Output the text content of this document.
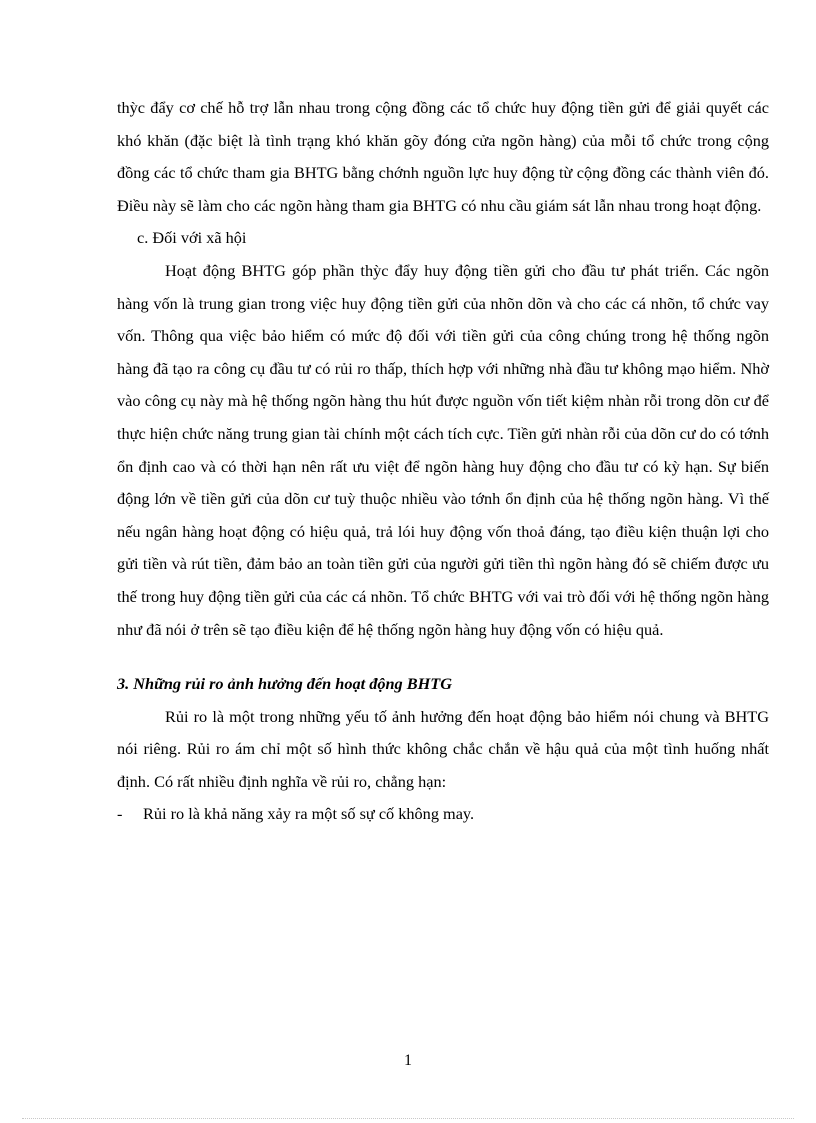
thỳc đẩy cơ chế hỗ trợ lẫn nhau trong cộng đồng các tổ chức huy động tiền gửi để giải quyết các khó khăn (đặc biệt là tình trạng khó khăn gõy đóng cửa ngõn hàng) của mỗi tổ chức trong cộng đồng các tổ chức tham gia BHTG bằng chớnh nguồn lực huy động từ cộng đồng các thành viên đó. Điều này sẽ làm cho các ngõn hàng tham gia BHTG có nhu cầu giám sát lẫn nhau trong hoạt động.

c. Đối với xã hội

Hoạt động BHTG góp phần thỳc đẩy huy động tiền gửi cho đầu tư phát triển. Các ngõn hàng vốn là trung gian trong việc huy động tiền gửi của nhõn dõn và cho các cá nhõn, tổ chức vay vốn. Thông qua việc bảo hiểm có mức độ đối với tiền gửi của công chúng trong hệ thống ngõn hàng đã tạo ra công cụ đầu tư có rủi ro thấp, thích hợp với những nhà đầu tư không mạo hiểm. Nhờ vào công cụ này mà hệ thống ngõn hàng thu hút được nguồn vốn tiết kiệm nhàn rỗi trong dõn cư để thực hiện chức năng trung gian tài chính một cách tích cực. Tiền gửi nhàn rỗi của dõn cư do có tớnh ổn định cao và có thời hạn nên rất ưu việt để ngõn hàng huy động cho đầu tư có kỳ hạn. Sự biến động lớn về tiền gửi của dõn cư tuỳ thuộc nhiều vào tớnh ổn định của hệ thống ngõn hàng. Vì thế nếu ngân hàng hoạt động có hiệu quả, trả lói huy động vốn thoả đáng, tạo điều kiện thuận lợi cho gửi tiền và rút tiền, đảm bảo an toàn tiền gửi của người gửi tiền thì ngõn hàng đó sẽ chiếm được ưu thế trong huy động tiền gửi của các cá nhõn. Tổ chức BHTG với vai trò đối với hệ thống ngõn hàng như đã nói ở trên sẽ tạo điều kiện để hệ thống ngõn hàng huy động vốn có hiệu quả.

3. Những rủi ro ảnh hưởng đến hoạt động BHTG

Rủi ro là một trong những yếu tố ảnh hưởng đến hoạt động bảo hiểm nói chung và BHTG nói riêng. Rủi ro ám chỉ một số hình thức không chắc chắn về hậu quả của một tình huống nhất định. Có rất nhiều định nghĩa về rủi ro, chẳng hạn:

- Rủi ro là khả năng xảy ra một số sự cố không may.
1
